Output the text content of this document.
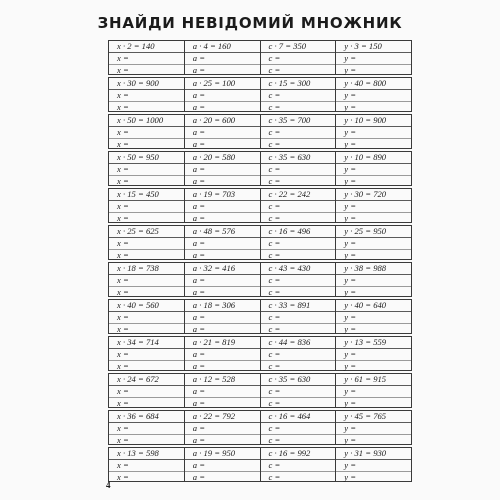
ЗНАЙДИ НЕВІДОМИЙ МНОЖНИК
x · 2 = 140
x =
x =
a · 4 = 160
a =
a =
c · 7 = 350
c =
c =
y · 3 = 150
y =
y =
x · 30 = 900
x =
x =
a · 25 = 100
a =
a =
c · 15 = 300
c =
c =
y · 40 = 800
y =
y =
x · 50 = 1000
x =
x =
a · 20 = 600
a =
a =
c · 35 = 700
c =
c =
y · 10 = 900
y =
y =
x · 50 = 950
x =
x =
a · 20 = 580
a =
a =
c · 35 = 630
c =
c =
y · 10 = 890
y =
y =
x · 15 = 450
x =
x =
a · 19 = 703
a =
a =
c · 22 = 242
c =
c =
y · 30 = 720
y =
y =
x · 25 = 625
x =
x =
a · 48 = 576
a =
a =
c · 16 = 496
c =
c =
y · 25 = 950
y =
y =
x · 18 = 738
x =
x =
a · 32 = 416
a =
a =
c · 43 = 430
c =
c =
y · 38 = 988
y =
y =
x · 40 = 560
x =
x =
a · 18 = 306
a =
a =
c · 33 = 891
c =
c =
y · 40 = 640
y =
y =
x · 34 = 714
x =
x =
a · 21 = 819
a =
a =
c · 44 = 836
c =
c =
y · 13 = 559
y =
y =
x · 24 = 672
x =
x =
a · 12 = 528
a =
a =
c · 35 = 630
c =
c =
y · 61 = 915
y =
y =
x · 36 = 684
x =
x =
a · 22 = 792
a =
a =
c · 16 = 464
c =
c =
y · 45 = 765
y =
y =
x · 13 = 598
x =
x =
a · 19 = 950
a =
a =
c · 16 = 992
c =
c =
y · 31 = 930
y =
y =
4
